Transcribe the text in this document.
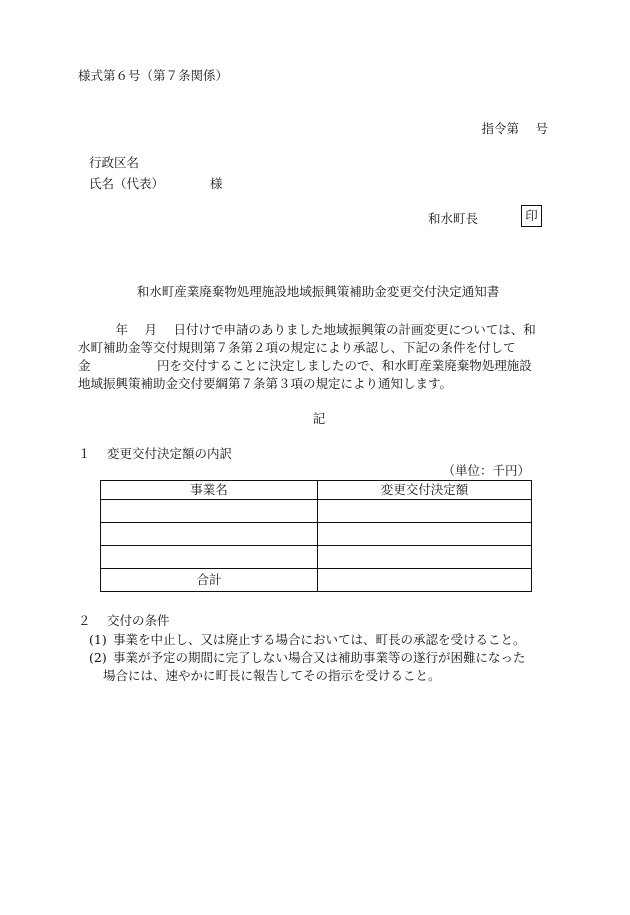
様式第６号（第７条関係）
指令第　 号
行政区名
氏名（代表）	様
和水町長	印
和水町産業廃棄物処理施設地域振興策補助金変更交付決定通知書
　　　年　 月　 日付けで申請のありました地域振興策の計画変更については、和
水町補助金等交付規則第７条第２項の規定により承認し、下記の条件を付して
金　　　　　 円を交付することに決定しましたので、和水町産業廃棄物処理施設
地域振興策補助金交付要綱第７条第３項の規定により通知します。
記
１　 変更交付決定額の内訳
（単位：千円）
事業名	変更交付決定額

合計	
２　 交付の条件
(1) 事業を中止し、又は廃止する場合においては、町長の承認を受けること。
(2) 事業が予定の期間に完了しない場合又は補助事業等の遂行が困難になった
場合には、速やかに町長に報告してその指示を受けること。
